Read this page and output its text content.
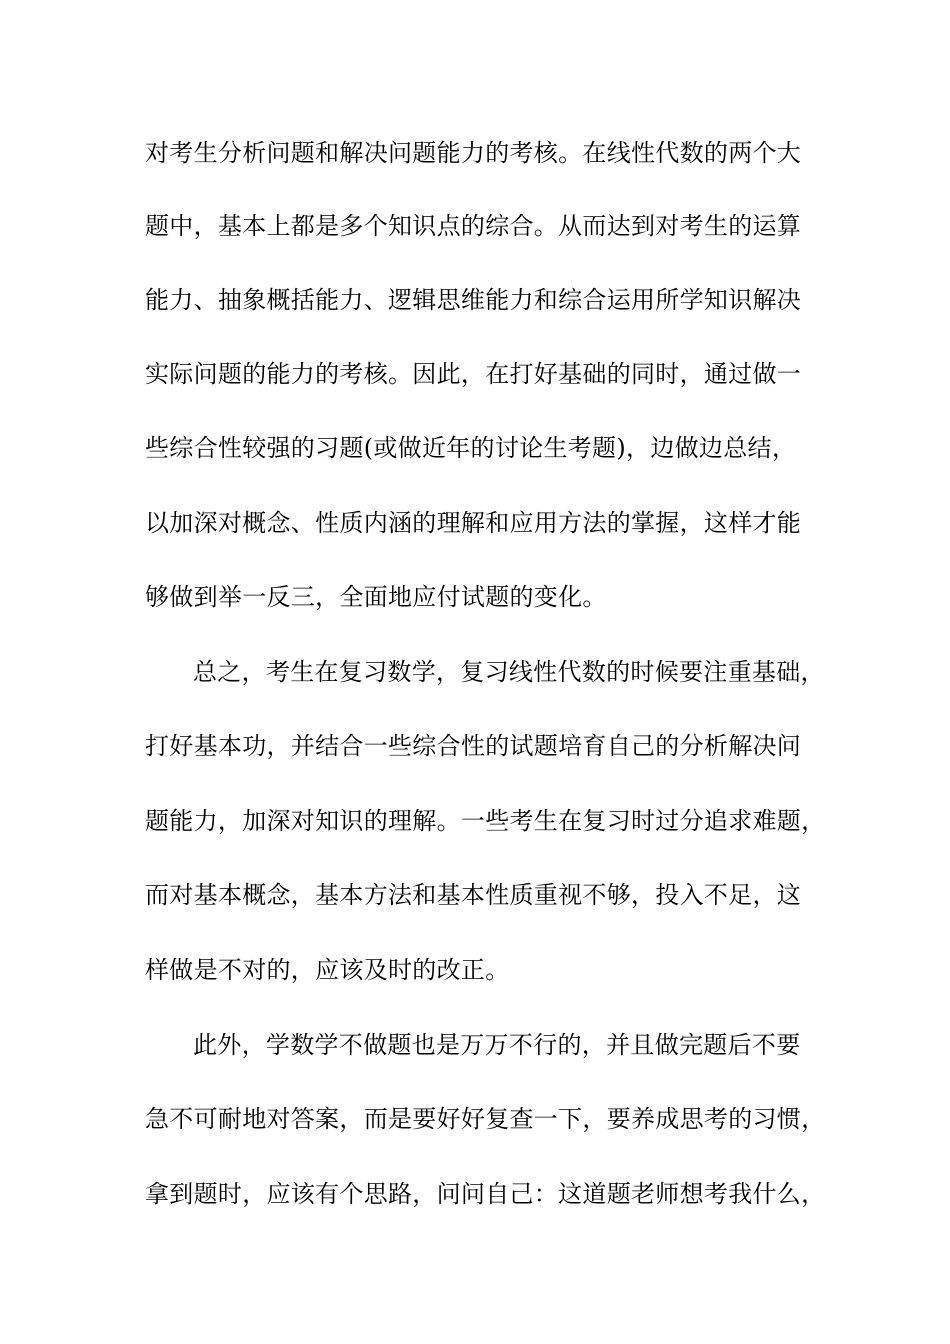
对考生分析问题和解决问题能力的考核。在线性代数的两个大
题中，基本上都是多个知识点的综合。从而达到对考生的运算
能力、抽象概括能力、逻辑思维能力和综合运用所学知识解决
实际问题的能力的考核。因此，在打好基础的同时，通过做一
些综合性较强的习题(或做近年的讨论生考题)，边做边总结，
以加深对概念、性质内涵的理解和应用方法的掌握，这样才能
够做到举一反三，全面地应付试题的变化。
总之，考生在复习数学，复习线性代数的时候要注重基础，
打好基本功，并结合一些综合性的试题培育自己的分析解决问
题能力，加深对知识的理解。一些考生在复习时过分追求难题，
而对基本概念，基本方法和基本性质重视不够，投入不足，这
样做是不对的，应该及时的改正。
此外，学数学不做题也是万万不行的，并且做完题后不要
急不可耐地对答案，而是要好好复查一下，要养成思考的习惯，
拿到题时，应该有个思路，问问自己：这道题老师想考我什么，
